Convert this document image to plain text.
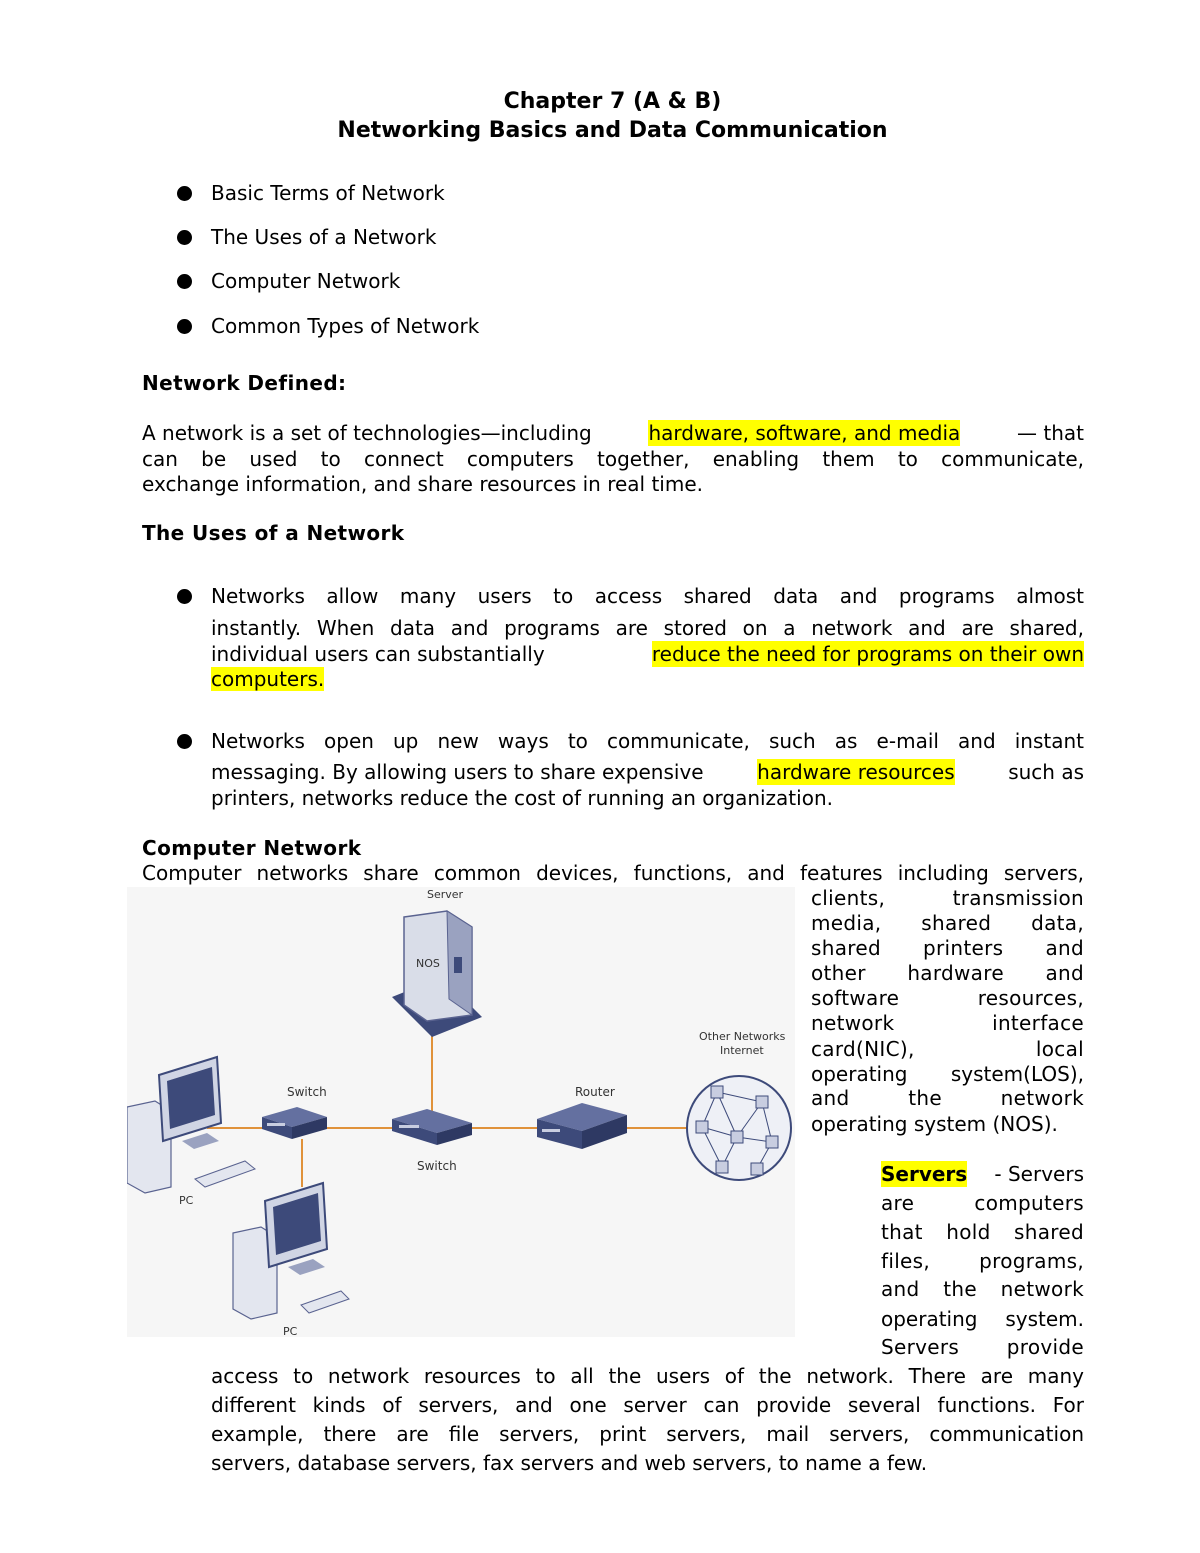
Chapter 7 (A & B)
Networking Basics and Data Communication
Basic Terms of Network
The Uses of a Network
Computer Network
Common Types of Network
Network Defined:
A network is a set of technologies—including	hardware, software, and media	— that
can be used to connect computers together, enabling them to communicate,
exchange information, and share resources in real time.
The Uses of a Network
Networks allow many users to access shared data and programs almost
instantly. When data and programs are stored on a network and are shared,
individual users can substantially	reduce the need for programs on their own
computers.
Networks open up new ways to communicate, such as e-mail and instant
messaging. By allowing users to share expensive	hardware resources	such as
printers, networks reduce the cost of running an organization.
Computer Network
Computer networks share common devices, functions, and features including servers,
clients, transmission
media, shared data,
shared printers and
other hardware and
software resources,
network interface
card(NIC), local
operating system(LOS),
and the network
operating system (NOS).
Servers - Servers
are computers
that hold shared
files, programs,
and the network
operating system.
Servers provide
access to network resources to all the users of the network. There are many
different kinds of servers, and one server can provide several functions. For
example, there are file servers, print servers, mail servers, communication
servers, database servers, fax servers and web servers, to name a few.
Server
NOS
Switch
Switch
Router
Other Networks
Internet
PC
PC
